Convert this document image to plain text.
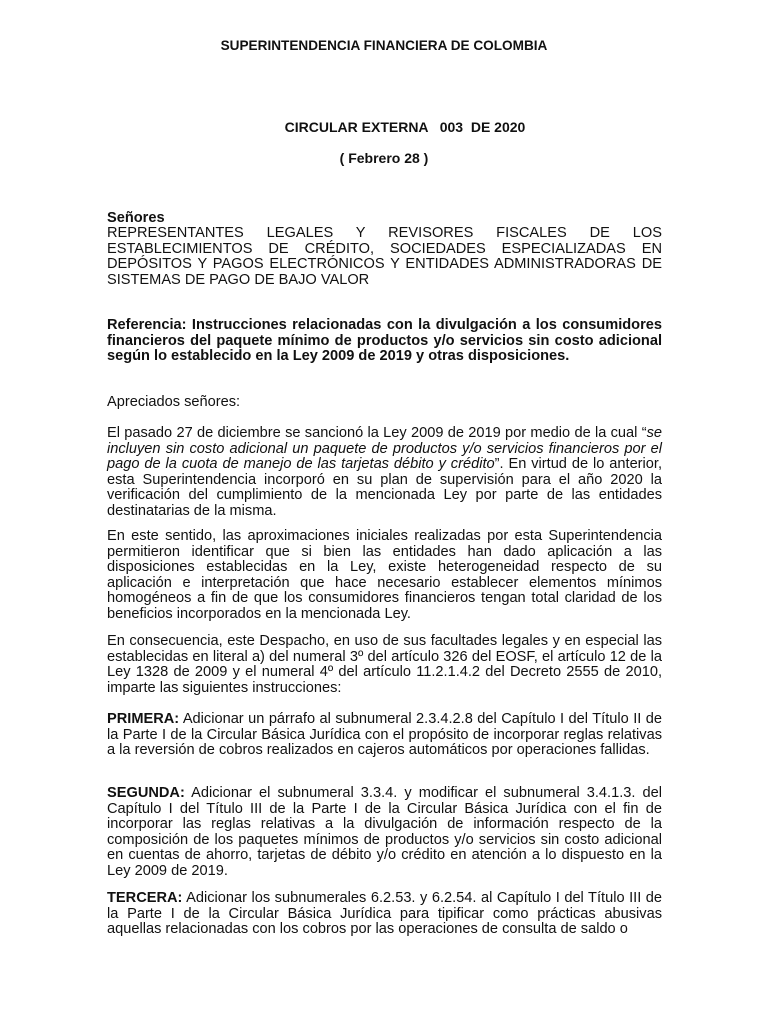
SUPERINTENDENCIA FINANCIERA DE COLOMBIA
CIRCULAR EXTERNA   003  DE 2020
( Febrero 28 )
Señores

REPRESENTANTES LEGALES Y REVISORES FISCALES DE LOS ESTABLECIMIENTOS DE CRÉDITO, SOCIEDADES ESPECIALIZADAS EN DEPÓSITOS Y PAGOS ELECTRÓNICOS Y ENTIDADES ADMINISTRADORAS DE SISTEMAS DE PAGO DE BAJO VALOR

Referencia: Instrucciones relacionadas con la divulgación a los consumidores financieros del paquete mínimo de productos y/o servicios sin costo adicional según lo establecido en la Ley 2009 de 2019 y otras disposiciones.

Apreciados señores:

El pasado 27 de diciembre se sancionó la Ley 2009 de 2019 por medio de la cual “se incluyen sin costo adicional un paquete de productos y/o servicios financieros por el pago de la cuota de manejo de las tarjetas débito y crédito”. En virtud de lo anterior, esta Superintendencia incorporó en su plan de supervisión para el año 2020 la verificación del cumplimiento de la mencionada Ley por parte de las entidades destinatarias de la misma.

En este sentido, las aproximaciones iniciales realizadas por esta Superintendencia permitieron identificar que si bien las entidades han dado aplicación a las disposiciones establecidas en la Ley, existe heterogeneidad respecto de su aplicación e interpretación que hace necesario establecer elementos mínimos homogéneos a fin de que los consumidores financieros tengan total claridad de los beneficios incorporados en la mencionada Ley.

En consecuencia, este Despacho, en uso de sus facultades legales y en especial las establecidas en literal a) del numeral 3º del artículo 326 del EOSF, el artículo 12 de la Ley 1328 de 2009 y el numeral 4º del artículo 11.2.1.4.2 del Decreto 2555 de 2010, imparte las siguientes instrucciones:

PRIMERA: Adicionar un párrafo al subnumeral 2.3.4.2.8 del Capítulo I del Título II de la Parte I de la Circular Básica Jurídica con el propósito de incorporar reglas relativas a la reversión de cobros realizados en cajeros automáticos por operaciones fallidas.

SEGUNDA: Adicionar el subnumeral 3.3.4. y modificar el subnumeral 3.4.1.3. del Capítulo I del Título III de la Parte I de la Circular Básica Jurídica con el fin de incorporar las reglas relativas a la divulgación de información respecto de la composición de los paquetes mínimos de productos y/o servicios sin costo adicional en cuentas de ahorro, tarjetas de débito y/o crédito en atención a lo dispuesto en la Ley 2009 de 2019.

TERCERA: Adicionar los subnumerales 6.2.53. y 6.2.54. al Capítulo I del Título III de la Parte I de la Circular Básica Jurídica para tipificar como prácticas abusivas aquellas relacionadas con los cobros por las operaciones de consulta de saldo o
